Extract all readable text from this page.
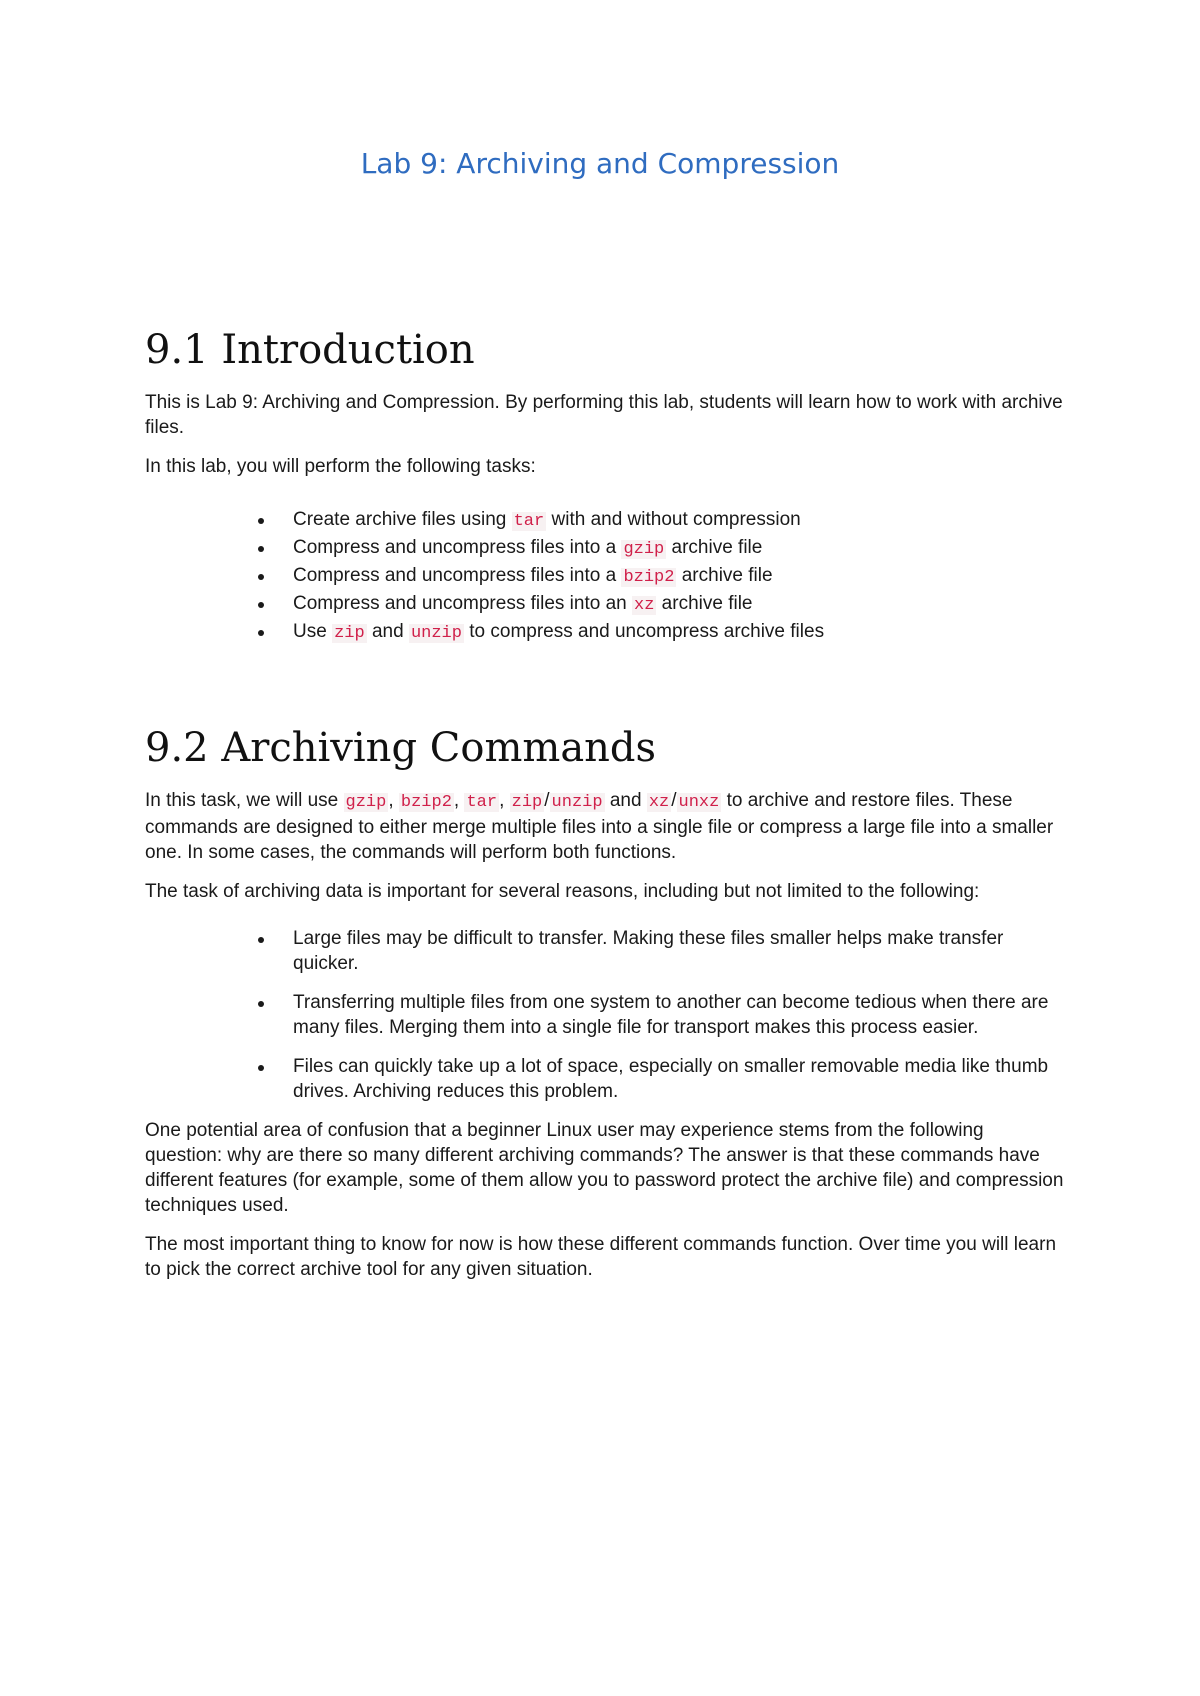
Lab 9: Archiving and Compression
9.1 Introduction

This is Lab 9: Archiving and Compression. By performing this lab, students will learn how to work with archive files.

In this lab, you will perform the following tasks:

Create archive files using tar with and without compression
Compress and uncompress files into a gzip archive file
Compress and uncompress files into a bzip2 archive file
Compress and uncompress files into an xz archive file
Use zip and unzip to compress and uncompress archive files
9.2 Archiving Commands

In this task, we will use gzip , bzip2 , tar , zip / unzip and xz / unxz to archive and restore files. These commands are designed to either merge multiple files into a single file or compress a large file into a smaller one. In some cases, the commands will perform both functions.

The task of archiving data is important for several reasons, including but not limited to the following:

Large files may be difficult to transfer. Making these files smaller helps make transfer quicker.
Transferring multiple files from one system to another can become tedious when there are many files. Merging them into a single file for transport makes this process easier.
Files can quickly take up a lot of space, especially on smaller removable media like thumb drives. Archiving reduces this problem.

One potential area of confusion that a beginner Linux user may experience stems from the following question: why are there so many different archiving commands? The answer is that these commands have different features (for example, some of them allow you to password protect the archive file) and compression techniques used.

The most important thing to know for now is how these different commands function. Over time you will learn to pick the correct archive tool for any given situation.
